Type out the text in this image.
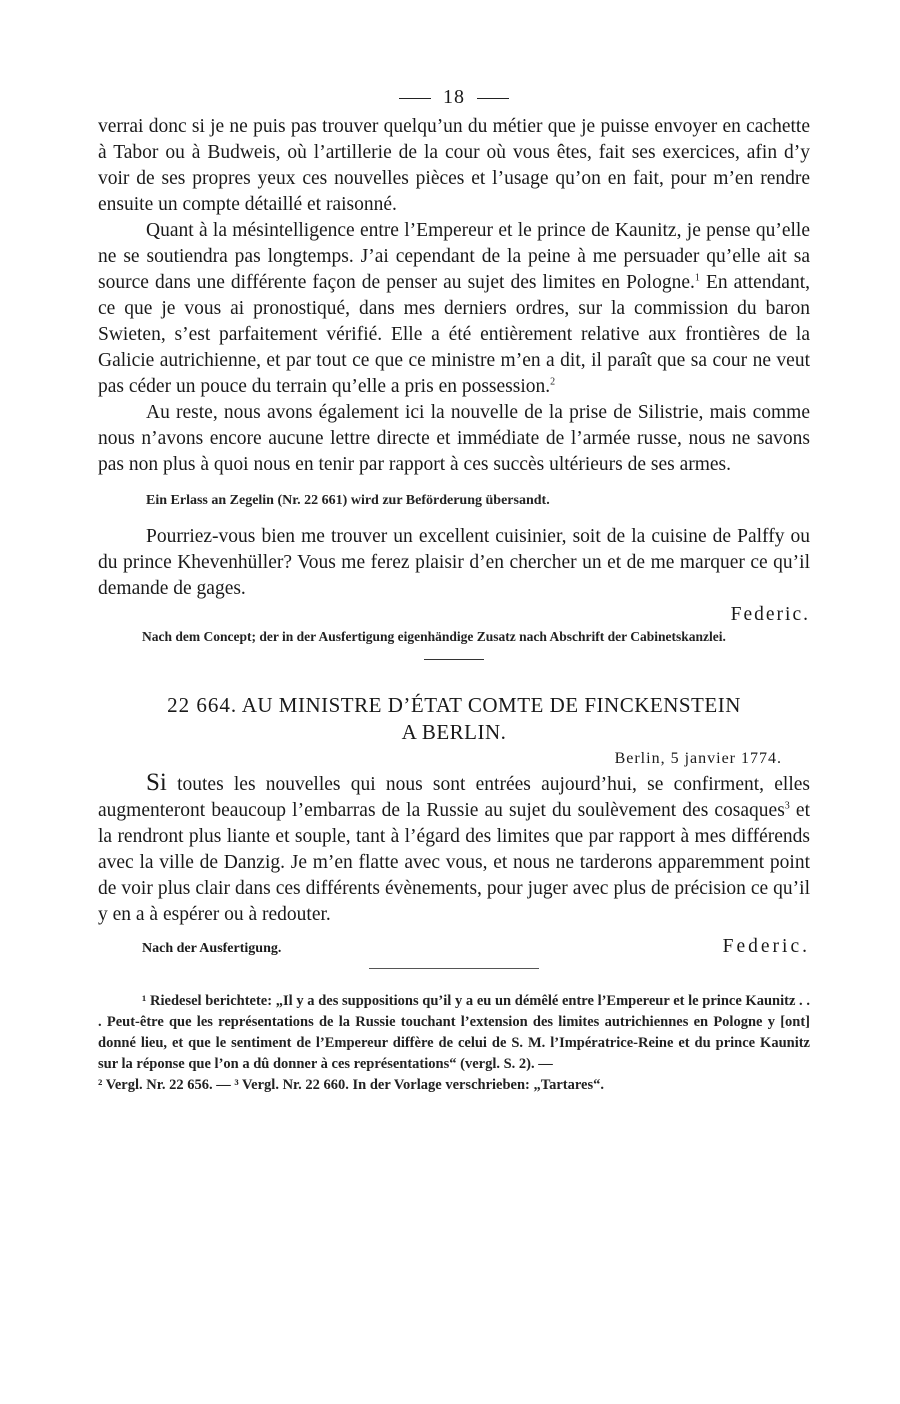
18

verrai donc si je ne puis pas trouver quelqu’un du métier que je puisse envoyer en cachette à Tabor ou à Budweis, où l’artillerie de la cour où vous êtes, fait ses exercices, afin d’y voir de ses propres yeux ces nouvelles pièces et l’usage qu’on en fait, pour m’en rendre ensuite un compte détaillé et raisonné.

Quant à la mésintelligence entre l’Empereur et le prince de Kaunitz, je pense qu’elle ne se soutiendra pas longtemps. J’ai cependant de la peine à me persuader qu’elle ait sa source dans une différente façon de penser au sujet des limites en Pologne.$^1$ En attendant, ce que je vous ai pronostiqué, dans mes derniers ordres, sur la commission du baron Swieten, s’est parfaitement vérifié. Elle a été entièrement relative aux frontières de la Galicie autrichienne, et par tout ce que ce ministre m’en a dit, il paraît que sa cour ne veut pas céder un pouce du terrain qu’elle a pris en possession.$^2$

Au reste, nous avons également ici la nouvelle de la prise de Silistrie, mais comme nous n’avons encore aucune lettre directe et immédiate de l’armée russe, nous ne savons pas non plus à quoi nous en tenir par rapport à ces succès ultérieurs de ses armes.

Ein Erlass an Zegelin (Nr. 22 661) wird zur Beförderung übersandt.

Pourriez-vous bien me trouver un excellent cuisinier, soit de la cuisine de Palffy ou du prince Khevenhüller? Vous me ferez plaisir d’en chercher un et de me marquer ce qu’il demande de gages.

Federic.
Nach dem Concept; der in der Ausfertigung eigenhändige Zusatz nach Abschrift der Cabinetskanzlei.
22 664. AU MINISTRE D’ÉTAT COMTE DE FINCKENSTEIN
A BERLIN.
Berlin, 5 janvier 1774.

Si toutes les nouvelles qui nous sont entrées aujourd’hui, se confirment, elles augmenteront beaucoup l’embarras de la Russie au sujet du soulèvement des cosaques$^3$ et la rendront plus liante et souple, tant à l’égard des limites que par rapport à mes différends avec la ville de Danzig. Je m’en flatte avec vous, et nous ne tarderons apparemment point de voir plus clair dans ces différents évènements, pour juger avec plus de précision ce qu’il y en a à espérer ou à redouter.

Nach der Ausfertigung.	Federic.

¹ Riedesel berichtete: „Il y a des suppositions qu’il y a eu un démêlé entre l’Empereur et le prince Kaunitz . . . Peut-être que les représentations de la Russie touchant l’extension des limites autrichiennes en Pologne y [ont] donné lieu, et que le sentiment de l’Empereur diffère de celui de S. M. l’Impératrice-Reine et du prince Kaunitz sur la réponse que l’on a dû donner à ces représentations“ (vergl. S. 2). —

² Vergl. Nr. 22 656. — ³ Vergl. Nr. 22 660. In der Vorlage verschrieben: „Tartares“.
